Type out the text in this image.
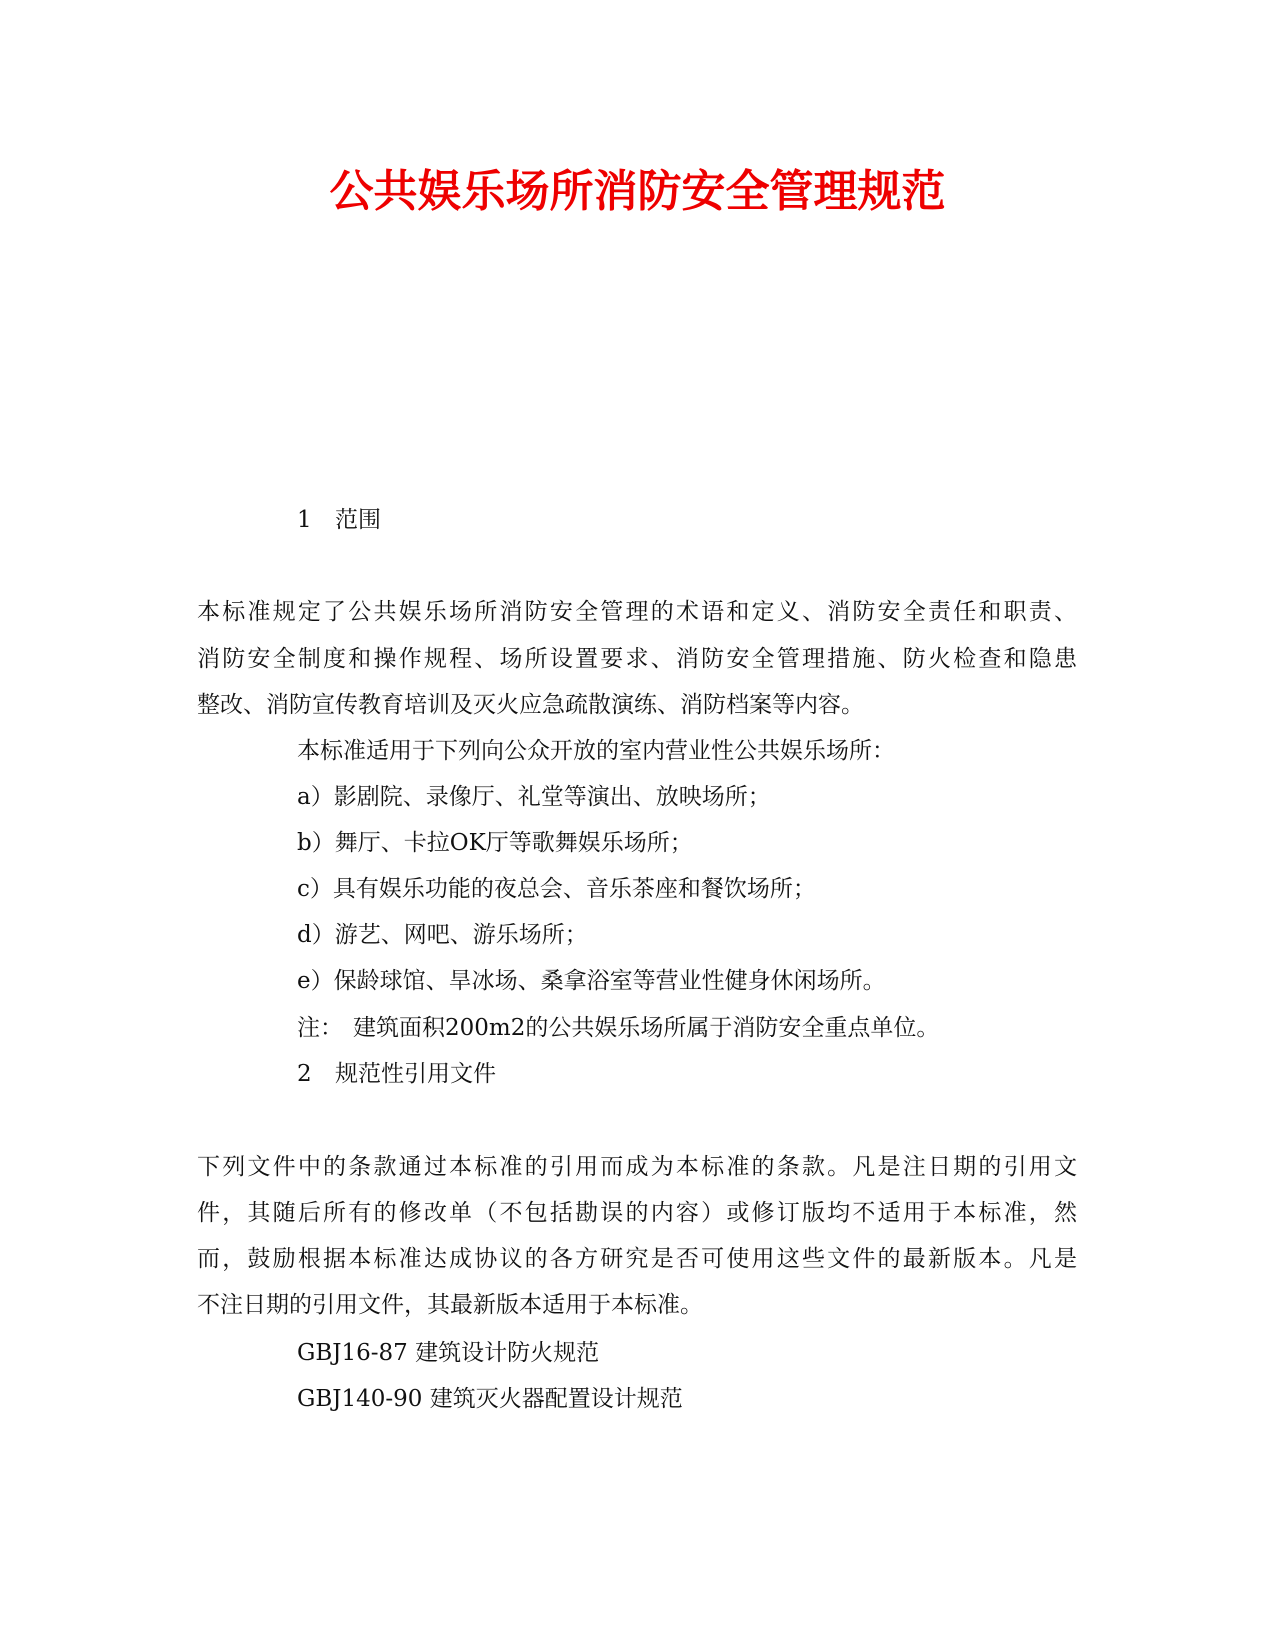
公共娱乐场所消防安全管理规范
1 范围

本标准规定了公共娱乐场所消防安全管理的术语和定义、消防安全责任和职责、

消防安全制度和操作规程、场所设置要求、消防安全管理措施、防火检查和隐患

整改、消防宣传教育培训及灭火应急疏散演练、消防档案等内容。

本标准适用于下列向公众开放的室内营业性公共娱乐场所：

a）影剧院、录像厅、礼堂等演出、放映场所；

b）舞厅、卡拉OK厅等歌舞娱乐场所；

c）具有娱乐功能的夜总会、音乐茶座和餐饮场所；

d）游艺、网吧、游乐场所；

e）保龄球馆、旱冰场、桑拿浴室等营业性健身休闲场所。

注： 建筑面积200m2的公共娱乐场所属于消防安全重点单位。
2 规范性引用文件

下列文件中的条款通过本标准的引用而成为本标准的条款。凡是注日期的引用文

件，其随后所有的修改单（不包括勘误的内容）或修订版均不适用于本标准，然

而，鼓励根据本标准达成协议的各方研究是否可使用这些文件的最新版本。凡是

不注日期的引用文件，其最新版本适用于本标准。

GBJ16-87 建筑设计防火规范

GBJ140-90 建筑灭火器配置设计规范
